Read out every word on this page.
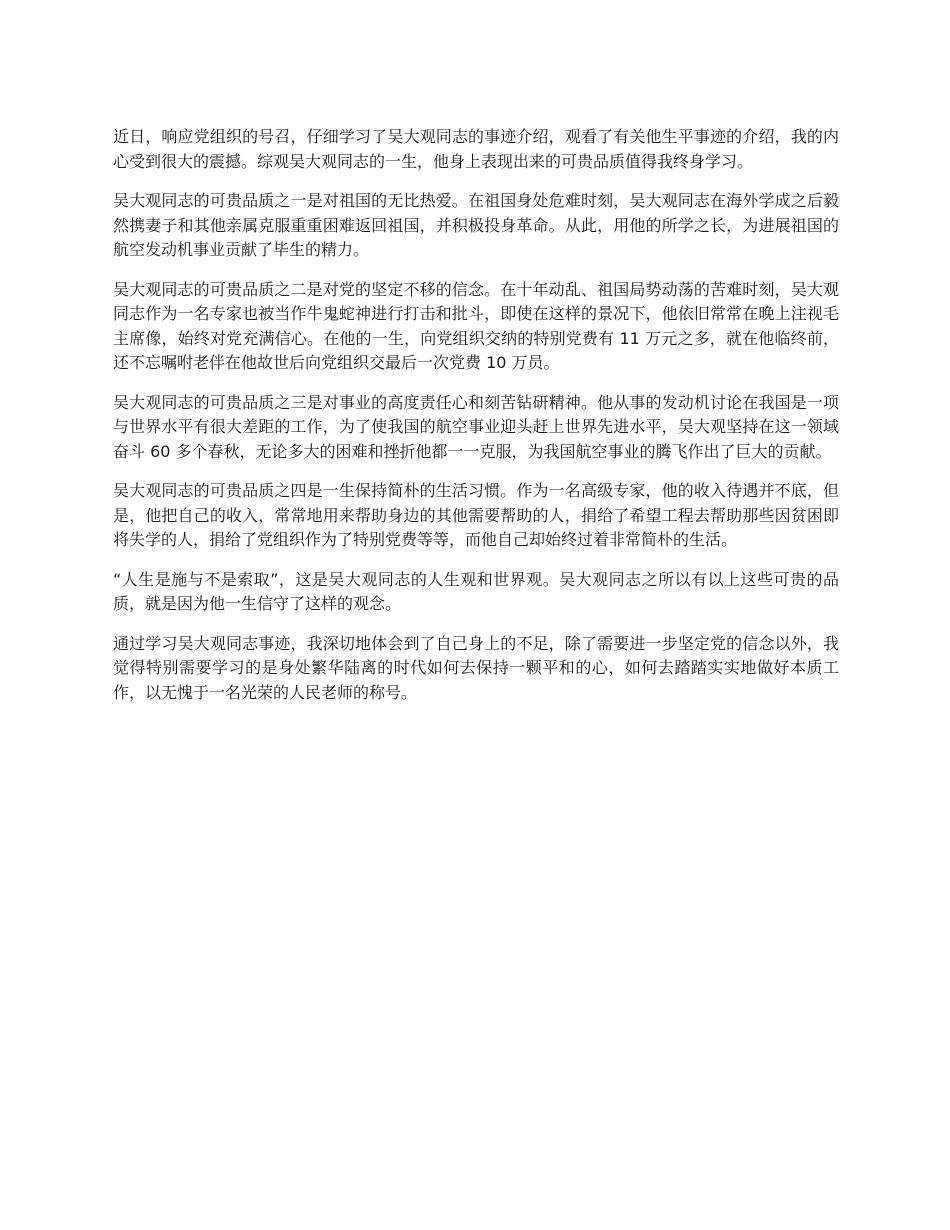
近日，响应党组织的号召，仔细学习了吴大观同志的事迹介绍，观看了有关他生平事迹的介绍，我的内心受到很大的震撼。综观吴大观同志的一生，他身上表现出来的可贵品质值得我终身学习。

吴大观同志的可贵品质之一是对祖国的无比热爱。在祖国身处危难时刻，吴大观同志在海外学成之后毅然携妻子和其他亲属克服重重困难返回祖国，并积极投身革命。从此，用他的所学之长，为进展祖国的航空发动机事业贡献了毕生的精力。

吴大观同志的可贵品质之二是对党的坚定不移的信念。在十年动乱、祖国局势动荡的苦难时刻，吴大观同志作为一名专家也被当作牛鬼蛇神进行打击和批斗，即使在这样的景况下，他依旧常常在晚上注视毛主席像，始终对党充满信心。在他的一生，向党组织交纳的特别党费有 11 万元之多，就在他临终前，还不忘嘱咐老伴在他故世后向党组织交最后一次党费 10 万员。

吴大观同志的可贵品质之三是对事业的高度责任心和刻苦钻研精神。他从事的发动机讨论在我国是一项与世界水平有很大差距的工作，为了使我国的航空事业迎头赶上世界先进水平，吴大观坚持在这一领域奋斗 60 多个春秋，无论多大的困难和挫折他都一一克服，为我国航空事业的腾飞作出了巨大的贡献。

吴大观同志的可贵品质之四是一生保持简朴的生活习惯。作为一名高级专家，他的收入待遇并不底，但是，他把自己的收入，常常地用来帮助身边的其他需要帮助的人，捐给了希望工程去帮助那些因贫困即将失学的人，捐给了党组织作为了特别党费等等，而他自己却始终过着非常简朴的生活。

“人生是施与不是索取”，这是吴大观同志的人生观和世界观。吴大观同志之所以有以上这些可贵的品质，就是因为他一生信守了这样的观念。

通过学习吴大观同志事迹，我深切地体会到了自己身上的不足，除了需要进一步坚定党的信念以外，我觉得特别需要学习的是身处繁华陆离的时代如何去保持一颗平和的心，如何去踏踏实实地做好本质工作，以无愧于一名光荣的人民老师的称号。
